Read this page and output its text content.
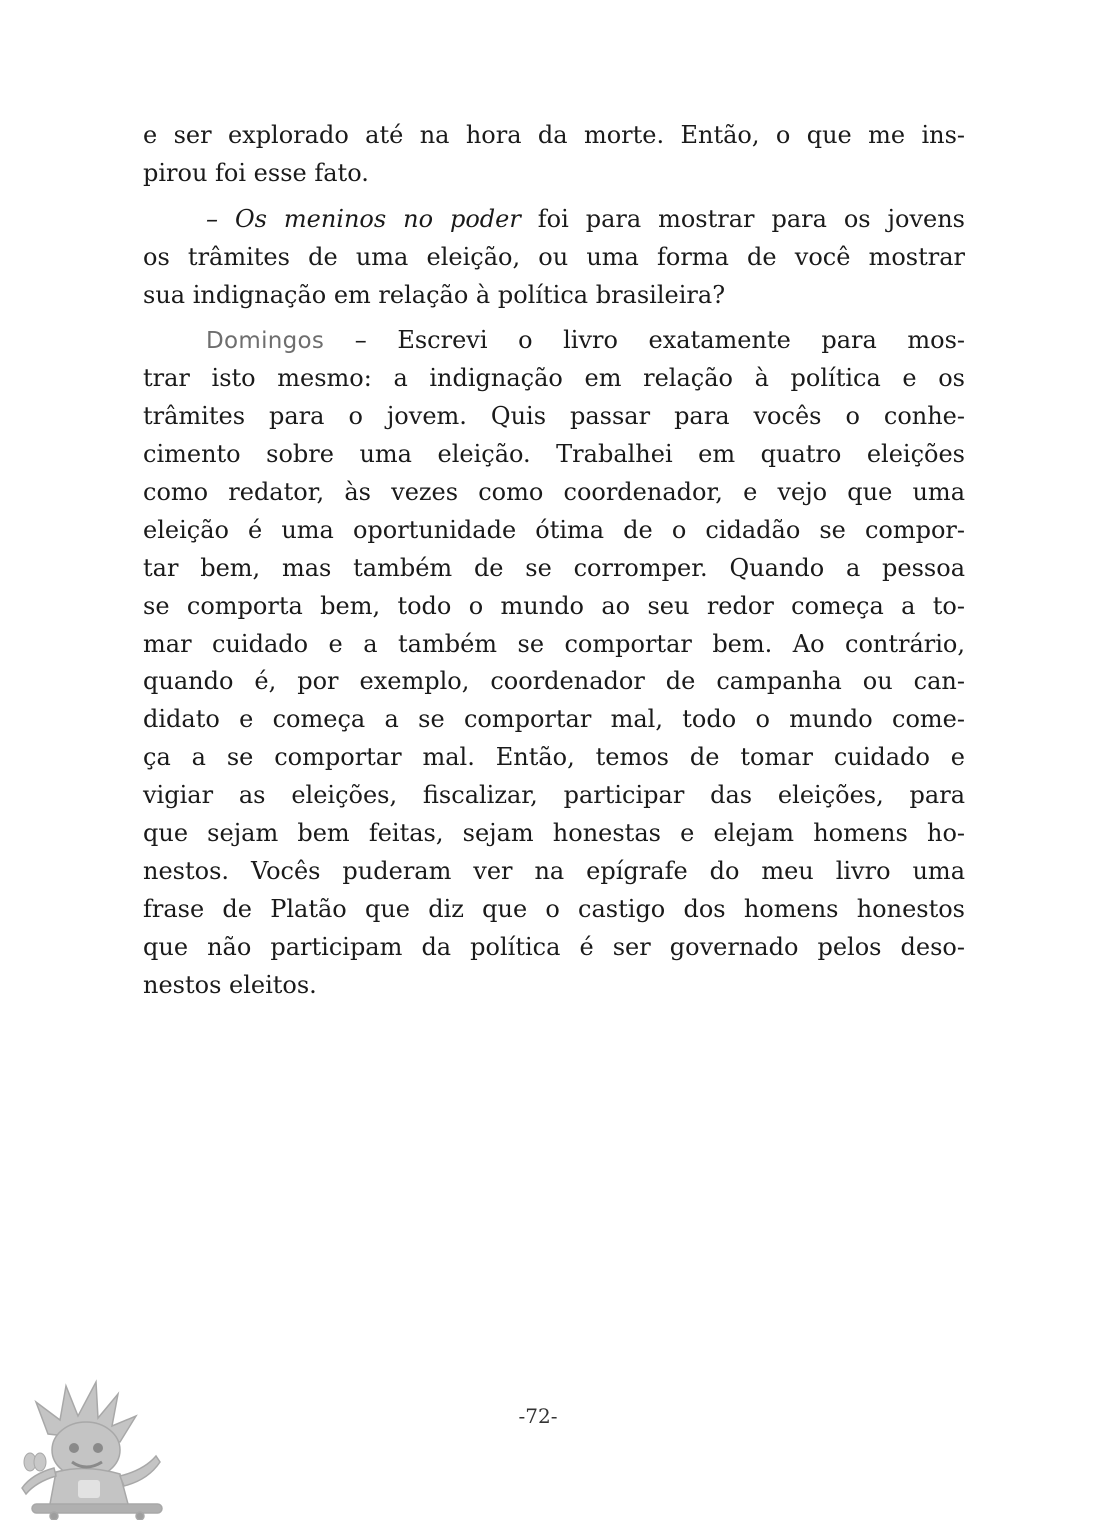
e ser explorado até na hora da morte. Então, o que me ins-
pirou foi esse fato.
– Os meninos no poder foi para mostrar para os jovens
os trâmites de uma eleição, ou uma forma de você mostrar
sua indignação em relação à política brasileira?
Domingos – Escrevi o livro exatamente para mos-
trar isto mesmo: a indignação em relação à política e os
trâmites para o jovem. Quis passar para vocês o conhe-
cimento sobre uma eleição. Trabalhei em quatro eleições
como redator, às vezes como coordenador, e vejo que uma
eleição é uma oportunidade ótima de o cidadão se compor-
tar bem, mas também de se corromper. Quando a pessoa
se comporta bem, todo o mundo ao seu redor começa a to-
mar cuidado e a também se comportar bem. Ao contrário,
quando é, por exemplo, coordenador de campanha ou can-
didato e começa a se comportar mal, todo o mundo come-
ça a se comportar mal. Então, temos de tomar cuidado e
vigiar as eleições, fiscalizar, participar das eleições, para
que sejam bem feitas, sejam honestas e elejam homens ho-
nestos. Vocês puderam ver na epígrafe do meu livro uma
frase de Platão que diz que o castigo dos homens honestos
que não participam da política é ser governado pelos deso-
nestos eleitos.
-72-
